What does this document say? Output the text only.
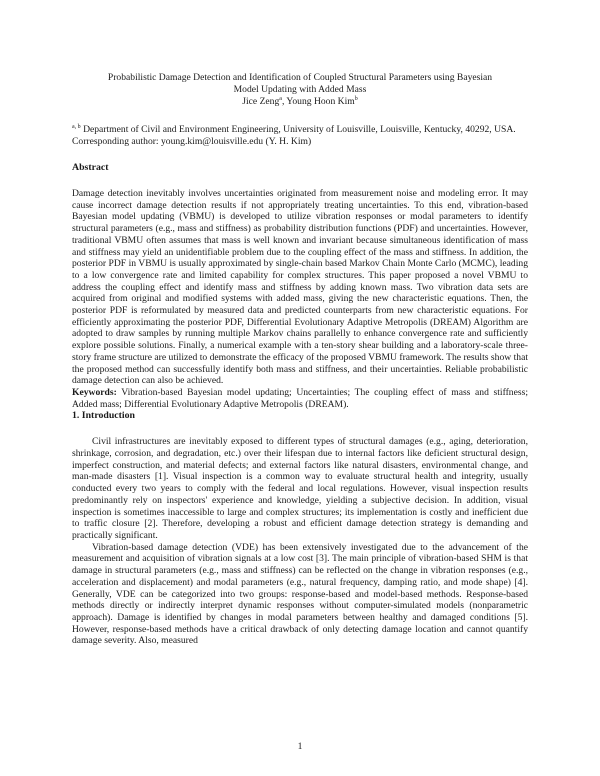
Probabilistic Damage Detection and Identification of Coupled Structural Parameters using Bayesian

Model Updating with Added Mass

Jice Zeng$^a$, Young Hoon Kim$^b$

$^{a, b}$ Department of Civil and Environment Engineering, University of Louisville, Louisville, Kentucky, 40292, USA.

Corresponding author: young.kim@louisville.edu (Y. H. Kim)

Abstract

Damage detection inevitably involves uncertainties originated from measurement noise and modeling error. It may cause incorrect damage detection results if not appropriately treating uncertainties. To this end, vibration-based Bayesian model updating (VBMU) is developed to utilize vibration responses or modal parameters to identify structural parameters (e.g., mass and stiffness) as probability distribution functions (PDF) and uncertainties. However, traditional VBMU often assumes that mass is well known and invariant because simultaneous identification of mass and stiffness may yield an unidentifiable problem due to the coupling effect of the mass and stiffness. In addition, the posterior PDF in VBMU is usually approximated by single-chain based Markov Chain Monte Carlo (MCMC), leading to a low convergence rate and limited capability for complex structures. This paper proposed a novel VBMU to address the coupling effect and identify mass and stiffness by adding known mass. Two vibration data sets are acquired from original and modified systems with added mass, giving the new characteristic equations. Then, the posterior PDF is reformulated by measured data and predicted counterparts from new characteristic equations. For efficiently approximating the posterior PDF, Differential Evolutionary Adaptive Metropolis (DREAM) Algorithm are adopted to draw samples by running multiple Markov chains parallelly to enhance convergence rate and sufficiently explore possible solutions. Finally, a numerical example with a ten-story shear building and a laboratory-scale three-story frame structure are utilized to demonstrate the efficacy of the proposed VBMU framework. The results show that the proposed method can successfully identify both mass and stiffness, and their uncertainties. Reliable probabilistic damage detection can also be achieved.

Keywords: Vibration-based Bayesian model updating; Uncertainties; The coupling effect of mass and stiffness; Added mass; Differential Evolutionary Adaptive Metropolis (DREAM).

1. Introduction

Civil infrastructures are inevitably exposed to different types of structural damages (e.g., aging, deterioration, shrinkage, corrosion, and degradation, etc.) over their lifespan due to internal factors like deficient structural design, imperfect construction, and material defects; and external factors like natural disasters, environmental change, and man-made disasters [1]. Visual inspection is a common way to evaluate structural health and integrity, usually conducted every two years to comply with the federal and local regulations. However, visual inspection results predominantly rely on inspectors' experience and knowledge, yielding a subjective decision. In addition, visual inspection is sometimes inaccessible to large and complex structures; its implementation is costly and inefficient due to traffic closure [2]. Therefore, developing a robust and efficient damage detection strategy is demanding and practically significant.

Vibration-based damage detection (VDE) has been extensively investigated due to the advancement of the measurement and acquisition of vibration signals at a low cost [3]. The main principle of vibration-based SHM is that damage in structural parameters (e.g., mass and stiffness) can be reflected on the change in vibration responses (e.g., acceleration and displacement) and modal parameters (e.g., natural frequency, damping ratio, and mode shape) [4]. Generally, VDE can be categorized into two groups: response-based and model-based methods. Response-based methods directly or indirectly interpret dynamic responses without computer-simulated models (nonparametric approach). Damage is identified by changes in modal parameters between healthy and damaged conditions [5]. However, response-based methods have a critical drawback of only detecting damage location and cannot quantify damage severity. Also, measured

1
